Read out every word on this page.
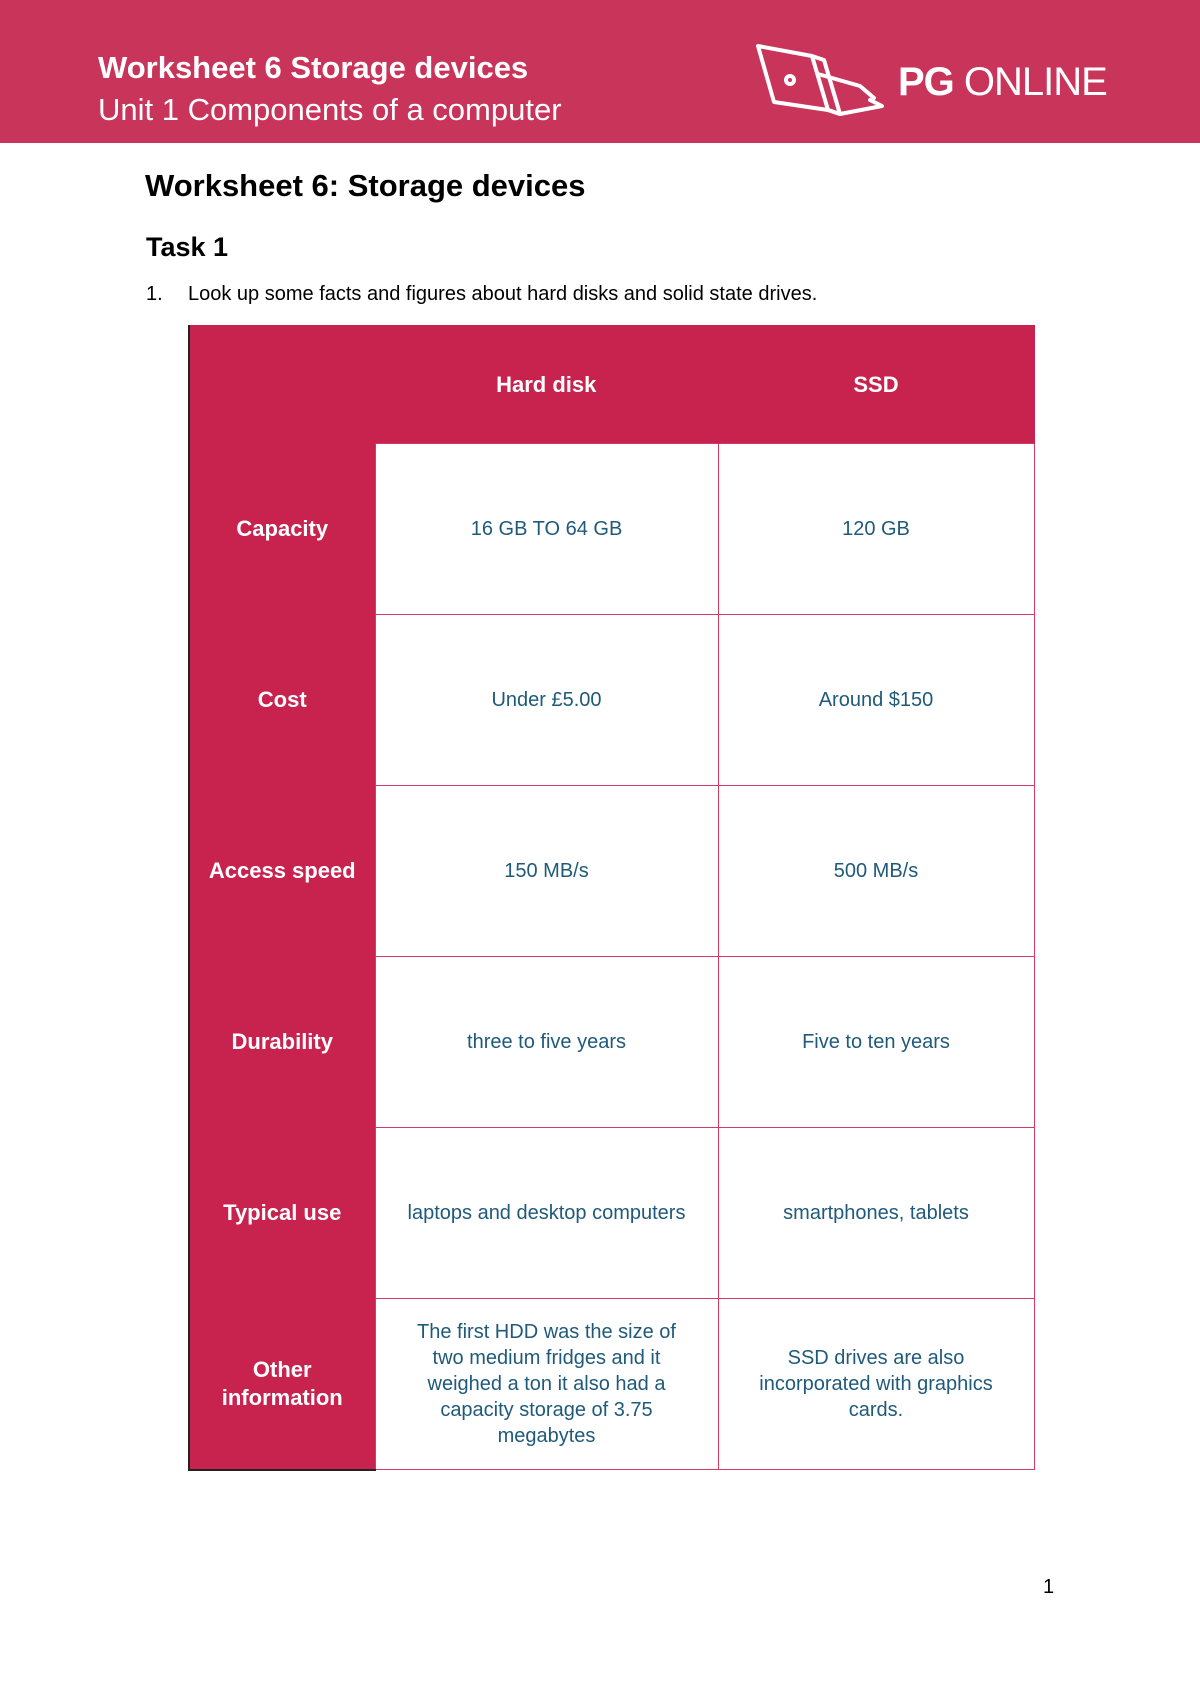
Worksheet 6 Storage devices
Unit 1 Components of a computer
PG ONLINE
Worksheet 6: Storage devices
Task 1
1. Look up some facts and figures about hard disks and solid state drives.
	Hard disk	SSD
Capacity	16 GB TO 64 GB	120 GB
Cost	Under £5.00	Around $150
Access speed	150 MB/s	500 MB/s
Durability	three to five years	Five to ten years
Typical use	laptops and desktop computers	smartphones, tablets
Other information	The first HDD was the size of two medium fridges and it weighed a ton it also had a capacity storage of 3.75 megabytes	SSD drives are also incorporated with graphics cards.
1
